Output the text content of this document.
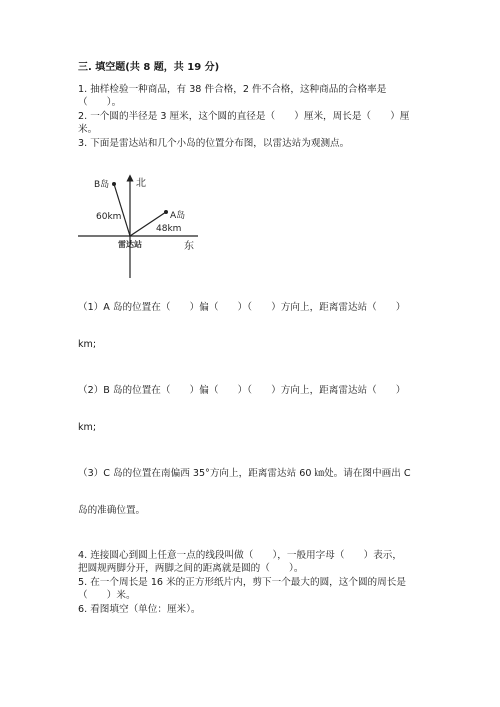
三. 填空题(共 8 题，共 19 分)
1. 抽样检验一种商品，有 38 件合格，2 件不合格，这种商品的合格率是
（　　）。
2. 一个圆的半径是 3 厘米，这个圆的直径是（　　）厘米，周长是（　　）厘
米。
3. 下面是雷达站和几个小岛的位置分布图，以雷达站为观测点。
B岛	北
60km	A岛
48km
雷达站	东
（1）A 岛的位置在（　　）偏（　　）（　　）方向上，距离雷达站（　　）
km;
（2）B 岛的位置在（　　）偏（　　）（　　）方向上，距离雷达站（　　）
km;
（3）C 岛的位置在南偏西 35°方向上，距离雷达站 60 ㎞处。请在图中画出 C
岛的准确位置。
4. 连接圆心到圆上任意一点的线段叫做（　　），一般用字母（　　）表示，
把圆规两脚分开，两脚之间的距离就是圆的（　　）。
5. 在一个周长是 16 米的正方形纸片内，剪下一个最大的圆，这个圆的周长是
（　　）米。
6. 看图填空（单位：厘米）。
